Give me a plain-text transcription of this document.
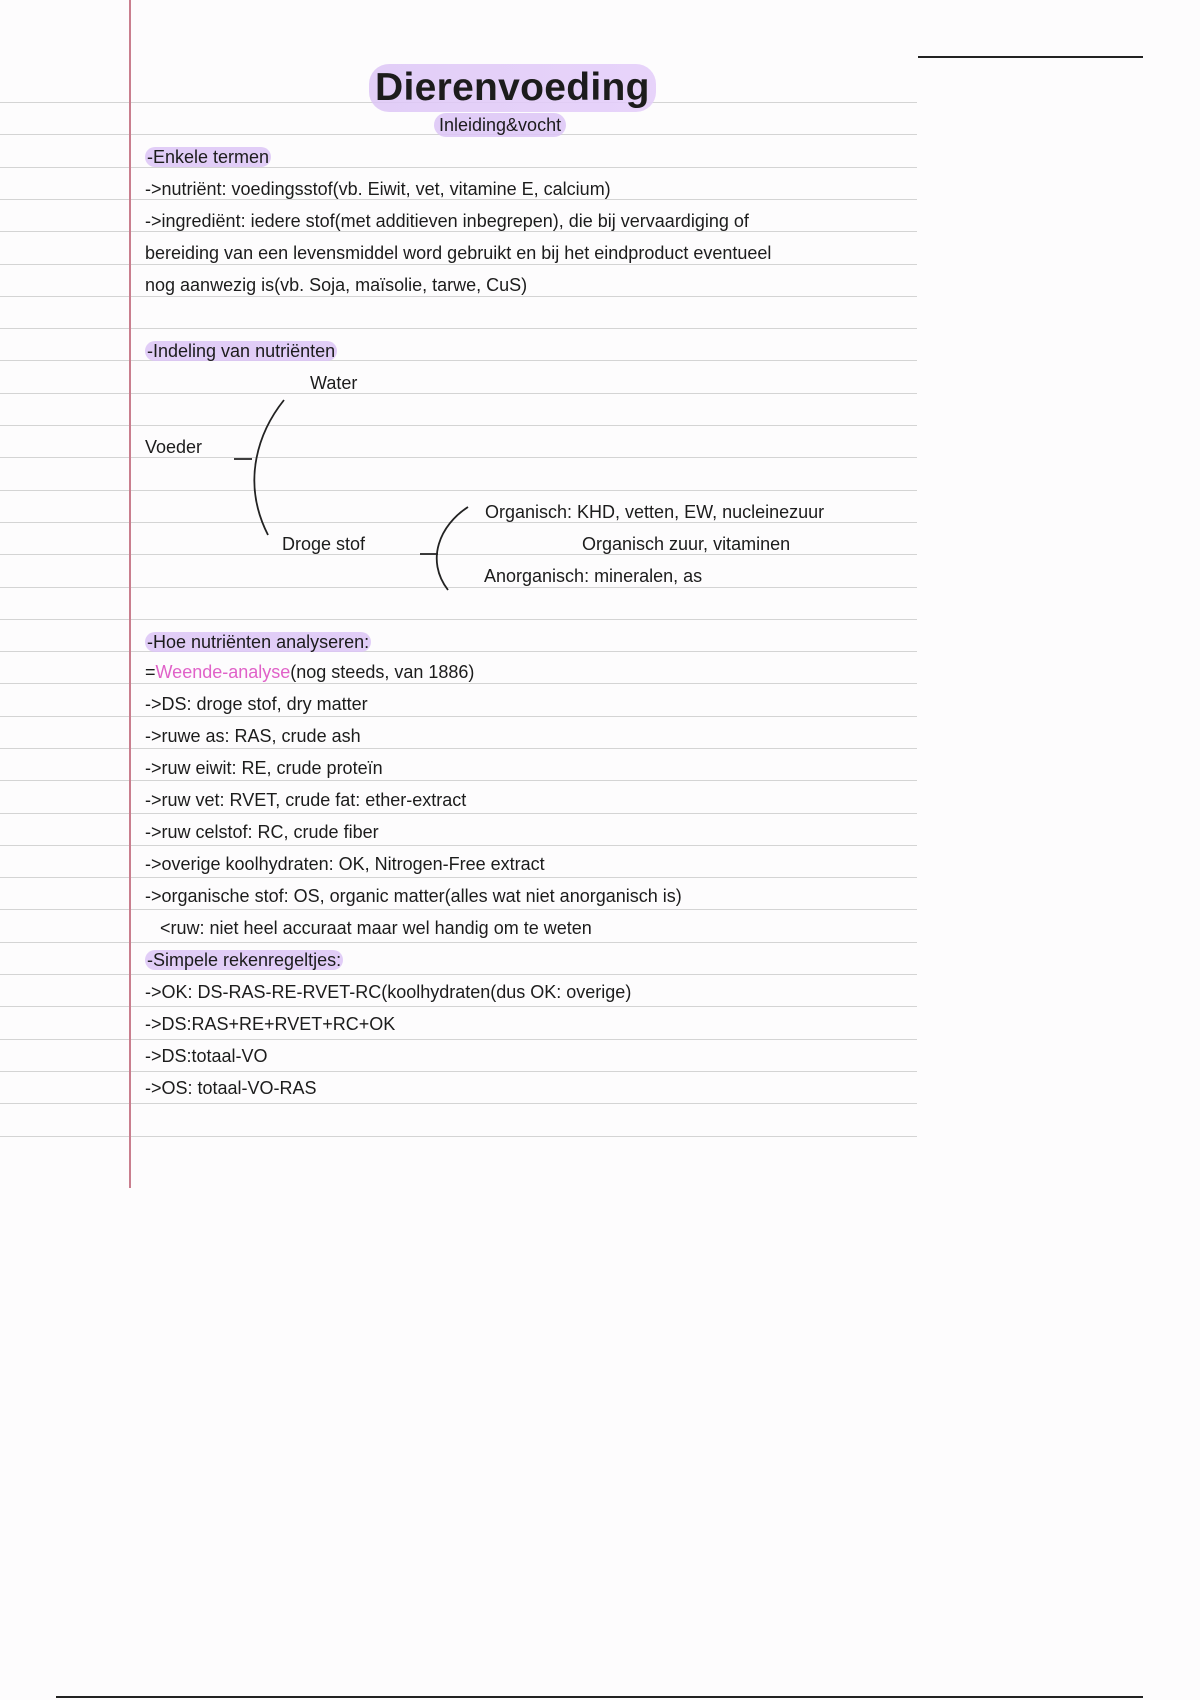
Dierenvoeding
Inleiding&vocht
-Enkele termen
->nutriënt: voedingsstof(vb. Eiwit, vet, vitamine E, calcium)
->ingrediënt: iedere stof(met additieven inbegrepen), die bij vervaardiging of
bereiding van een levensmiddel word gebruikt en bij het eindproduct eventueel
nog aanwezig is(vb. Soja, maïsolie, tarwe, CuS)
-Indeling van nutriënten
Water
Voeder
Droge stof
Organisch: KHD, vetten, EW, nucleinezuur
Organisch zuur, vitaminen
Anorganisch: mineralen, as
-Hoe nutriënten analyseren:
=Weende-analyse(nog steeds, van 1886)
->DS: droge stof, dry matter
->ruwe as: RAS, crude ash
->ruw eiwit: RE, crude proteïn
->ruw vet: RVET, crude fat: ether-extract
->ruw celstof: RC, crude fiber
->overige koolhydraten: OK, Nitrogen-Free extract
->organische stof: OS, organic matter(alles wat niet anorganisch is)
<ruw: niet heel accuraat maar wel handig om te weten
-Simpele rekenregeltjes:
->OK: DS-RAS-RE-RVET-RC(koolhydraten(dus OK: overige)
->DS:RAS+RE+RVET+RC+OK
->DS:totaal-VO
->OS: totaal-VO-RAS
